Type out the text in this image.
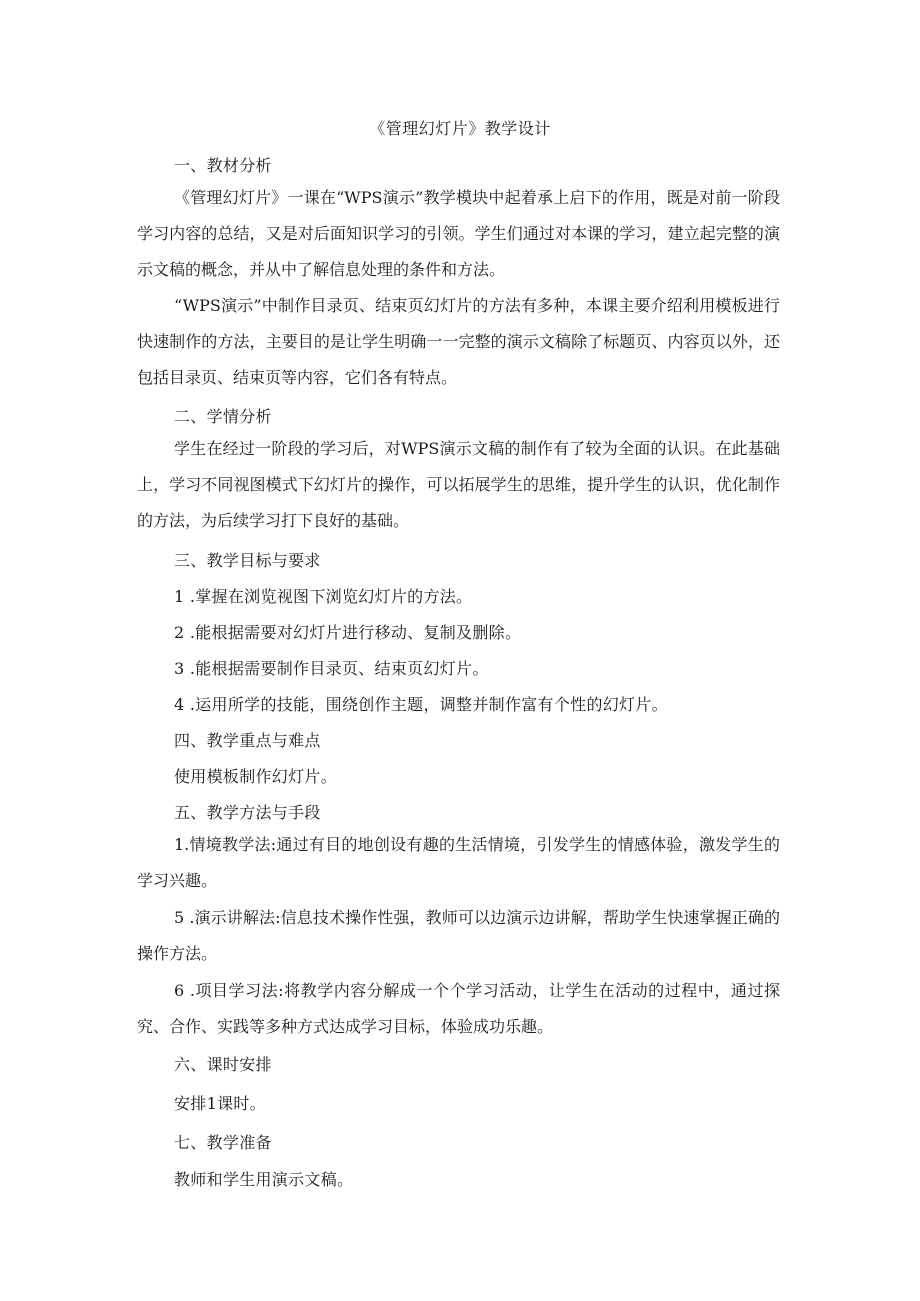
《管理幻灯片》教学设计
一、教材分析
《管理幻灯片》一课在“WPS演示”教学模块中起着承上启下的作用，既是对前一阶段学习内容的总结，又是对后面知识学习的引领。学生们通过对本课的学习，建立起完整的演示文稿的概念，并从中了解信息处理的条件和方法。
“WPS演示”中制作目录页、结束页幻灯片的方法有多种，本课主要介绍利用模板进行快速制作的方法，主要目的是让学生明确一一完整的演示文稿除了标题页、内容页以外，还包括目录页、结束页等内容，它们各有特点。
二、学情分析
学生在经过一阶段的学习后，对WPS演示文稿的制作有了较为全面的认识。在此基础上，学习不同视图模式下幻灯片的操作，可以拓展学生的思维，提升学生的认识，优化制作的方法，为后续学习打下良好的基础。
三、教学目标与要求
1 .掌握在浏览视图下浏览幻灯片的方法。
2 .能根据需要对幻灯片进行移动、复制及删除。
3 .能根据需要制作目录页、结束页幻灯片。
4 .运用所学的技能，围绕创作主题，调整并制作富有个性的幻灯片。
四、教学重点与难点
使用模板制作幻灯片。
五、教学方法与手段
1.情境教学法:通过有目的地创设有趣的生活情境，引发学生的情感体验，激发学生的学习兴趣。
5 .演示讲解法:信息技术操作性强，教师可以边演示边讲解，帮助学生快速掌握正确的操作方法。
6 .项目学习法:将教学内容分解成一个个学习活动，让学生在活动的过程中，通过探究、合作、实践等多种方式达成学习目标，体验成功乐趣。
六、课时安排
安排1课时。
七、教学准备
教师和学生用演示文稿。
